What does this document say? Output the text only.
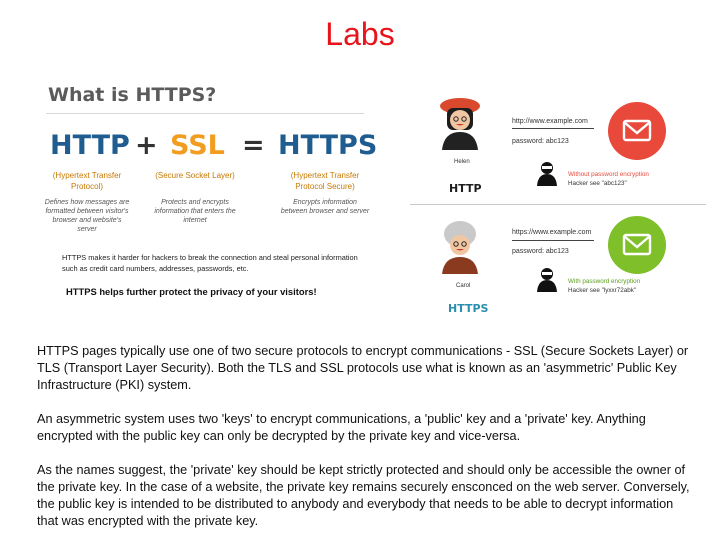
Labs
What is HTTPS?
HTTP + SSL = HTTPS
(Hypertext Transfer Protocol)
(Secure Socket Layer)	(Hypertext Transfer Protocol Secure)
Defines how messages are formatted between visitor's browser and website's server
Protects and encrypts information that enters the internet
Encrypts information between browser and server
HTTPS makes it harder for hackers to break the connection and steal personal information such as credit card numbers, addresses, passwords, etc.
HTTPS helps further protect the privacy of your visitors!
Helen
HTTP
http://www.example.com
password: abc123
Without password encryption
Hacker see "abc123"
Carol
HTTPS
https://www.example.com
password: abc123
With password encryption
Hacker see "lyxxr72abk"

HTTPS pages typically use one of two secure protocols to encrypt communications - SSL (Secure Sockets Layer) or TLS (Transport Layer Security). Both the TLS and SSL protocols use what is known as an 'asymmetric' Public Key Infrastructure (PKI) system.

An asymmetric system uses two 'keys' to encrypt communications, a 'public' key and a 'private' key. Anything encrypted with the public key can only be decrypted by the private key and vice-versa.

As the names suggest, the 'private' key should be kept strictly protected and should only be accessible the owner of the private key. In the case of a website, the private key remains securely ensconced on the web server. Conversely, the public key is intended to be distributed to anybody and everybody that needs to be able to decrypt information that was encrypted with the private key.
